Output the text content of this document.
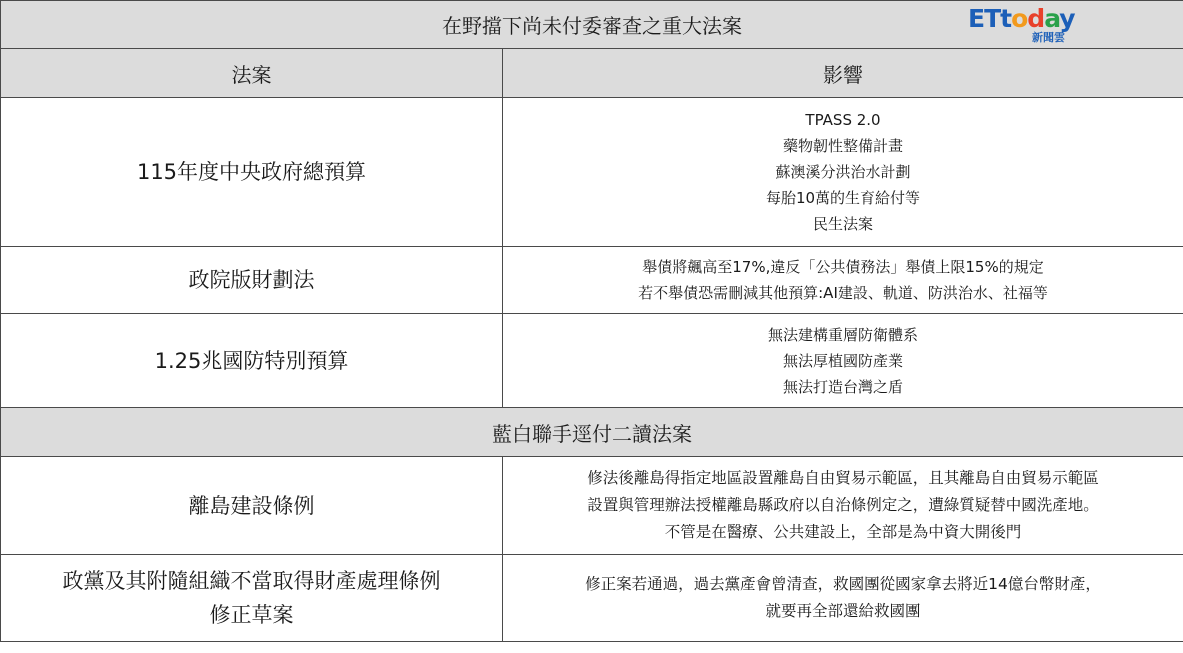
在野擋下尚未付委審查之重大法案	
法案	影響

115年度中央政府總預算	TPASS 2.0
藥物韌性整備計畫
蘇澳溪分洪治水計劃
每胎10萬的生育給付等
民生法案

政院版財劃法	舉債將飆高至17%,違反「公共債務法」舉債上限15%的規定
若不舉債恐需刪減其他預算:AI建設、軌道、防洪治水、社福等

1.25兆國防特別預算	無法建構重層防衛體系
無法厚植國防產業
無法打造台灣之盾

藍白聯手逕付二讀法案	

離島建設條例	修法後離島得指定地區設置離島自由貿易示範區，且其離島自由貿易示範區
設置與管理辦法授權離島縣政府以自治條例定之，遭綠質疑替中國洗產地。
不管是在醫療、公共建設上，全部是為中資大開後門

政黨及其附隨組織不當取得財產處理條例
修正草案	修正案若通過，過去黨產會曾清查，救國團從國家拿去將近14億台幣財產，
就要再全部還給救國團
ETtoday
新聞雲
